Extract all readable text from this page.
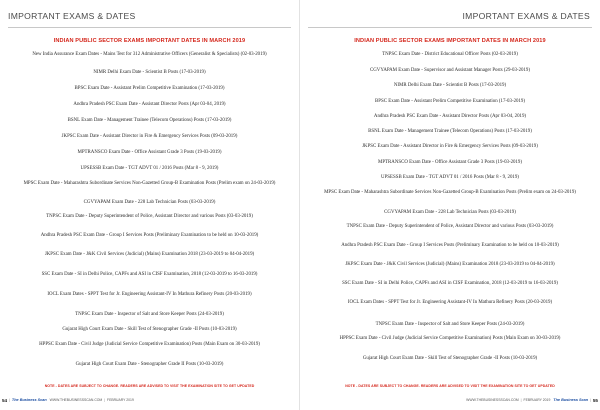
IMPORTANT EXAMS & DATES
INDIAN PUBLIC SECTOR EXAMS IMPORTANT DATES IN MARCH 2019
New India Assurance Exam Dates - Mains Test for 312 Administrative Officers (Generalist & Specialists) (02-03-2019)
NIMR Delhi Exam Date - Scientist B Posts (17-03-2019)
BPSC Exam Date - Assistant Prelim Competitive Examination (17-03-2019)
Andhra Pradesh PSC Exam Date - Assistant Director Posts (Apr 03-04, 2019)
BSNL Exam Date - Management Trainee (Telecom Operations) Posts (17-03-2019)
JKPSC Exam Date - Assistant Director in Fire & Emergency Services Posts (09-03-2019)
MPTRANSCO Exam Date - Office Assistant Grade 3 Posts (19-03-2019)
UPSESSB Exam Date - TGT ADVT 01 / 2016 Posts (Mar 8 - 9, 2019)
MPSC Exam Date - Maharashtra Subordinate Services Non-Gazetted Group-B Examination Posts (Prelim exam on 24-03-2019)
CGVYAPAM Exam Date - 228 Lab Technician Posts (03-03-2019)
TNPSC Exam Date - Deputy Superintendent of Police, Assistant Director and various Posts (03-03-2019)
Andhra Pradesh PSC Exam Date - Group I Services Posts (Preliminary Examination to be held on 10-03-2019)
JKPSC Exam Date - J&K Civil Services (Judicial) (Mains) Examination 2018 (23-03-2019 to 04-04-2019)
SSC Exam Date - SI in Delhi Police, CAPFs and ASI in CISF Examination, 2018 (12-03-2019 to 16-03-2019)
IOCL Exam Dates - SPPT Test for Jr. Engineering Assistant-IV In Mathura Refinery Posts (20-03-2019)
TNPSC Exam Date - Inspector of Salt and Store Keeper Posts (24-03-2019)
Gujarat High Court Exam Date - Skill Test of Stenographer Grade -II Posts (10-03-2019)
HPPSC Exam Date - Civil Judge (Judicial Service Competitive Examination) Posts (Main Exam on 30-03-2019)
Gujarat High Court Exam Date - Stenographer Grade II Posts (10-03-2019)
NOTE - DATES ARE SUBJECT TO CHANGE. READERS ARE ADVISED TO VISIT THE EXAMINATION SITE TO GET UPDATED
54 | The Business Scan
WWW.THEBUSINESSSCAN.COM | FEBRUARY 2019
IMPORTANT EXAMS & DATES
INDIAN PUBLIC SECTOR EXAMS IMPORTANT DATES IN MARCH 2019
TNPSC Exam Date - District Educational Officer Posts (02-03-2019)
CGVYAPAM Exam Date - Supervisor and Assistant Manager Posts (29-03-2019)
NIMR Delhi Exam Date - Scientist B Posts (17-03-2019)
BPSC Exam Date - Assistant Prelim Competitive Examination (17-03-2019)
Andhra Pradesh PSC Exam Date - Assistant Director Posts (Apr 03-04, 2019)
BSNL Exam Date - Management Trainee (Telecom Operations) Posts (17-03-2019)
JKPSC Exam Date - Assistant Director in Fire & Emergency Services Posts (09-03-2019)
MPTRANSCO Exam Date - Office Assistant Grade 3 Posts (19-03-2019)
UPSESSB Exam Date - TGT ADVT 01 / 2016 Posts (Mar 8 - 9, 2019)
MPSC Exam Date - Maharashtra Subordinate Services Non-Gazetted Group-B Examination Posts (Prelim exam on 24-03-2019)
CGVYAPAM Exam Date - 228 Lab Technician Posts (03-03-2019)
TNPSC Exam Date - Deputy Superintendent of Police, Assistant Director and various Posts (03-03-2019)
Andhra Pradesh PSC Exam Date - Group I Services Posts (Preliminary Examination to be held on 10-03-2019)
JKPSC Exam Date - J&K Civil Services (Judicial) (Mains) Examination 2018 (23-03-2019 to 04-04-2019)
SSC Exam Date - SI in Delhi Police, CAPFs and ASI in CISF Examination, 2018 (12-03-2019 to 16-03-2019)
IOCL Exam Dates - SPPT Test for Jr. Engineering Assistant-IV In Mathura Refinery Posts (20-03-2019)
TNPSC Exam Date - Inspector of Salt and Store Keeper Posts (24-03-2019)
HPPSC Exam Date - Civil Judge (Judicial Service Competitive Examination) Posts (Main Exam on 30-03-2019)
Gujarat High Court Exam Date - Skill Test of Stenographer Grade -II Posts (10-03-2019)
NOTE - DATES ARE SUBJECT TO CHANGE. READERS ARE ADVISED TO VISIT THE EXAMINATION SITE TO GET UPDATED
WWW.THEBUSINESSSCAN.COM | FEBRUARY 2019
The Business Scan | 55
